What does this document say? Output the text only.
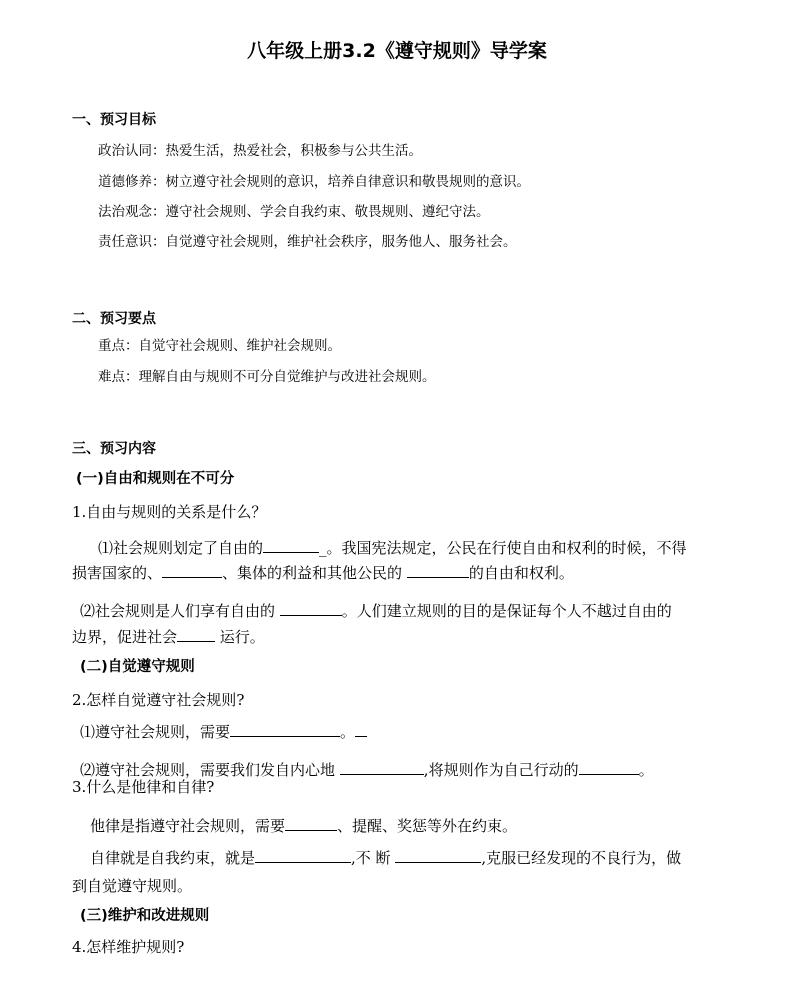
八年级上册3.2《遵守规则》导学案
一、预习目标
政治认同：热爱生活，热爱社会，积极参与公共生活。
道德修养：树立遵守社会规则的意识，培养自律意识和敬畏规则的意识。
法治观念：遵守社会规则、学会自我约束、敬畏规则、遵纪守法。
责任意识：自觉遵守社会规则，维护社会秩序，服务他人、服务社会。
二、预习要点
重点：自觉守社会规则、维护社会规则。
难点：理解自由与规则不可分自觉维护与改进社会规则。
三、预习内容
(一)自由和规则在不可分
1.自由与规则的关系是什么？
⑴社会规则划定了自由的	_。我国宪法规定，公民在行使自由和权利的时候，不得
损害国家的、	、集体的利益和其他公民的	的自由和权利。
⑵社会规则是人们享有自由的	。人们建立规则的目的是保证每个人不越过自由的
边界，促进社会	运行。
(二)自觉遵守规则
2.怎样自觉遵守社会规则?
⑴遵守社会规则，需要	。
⑵遵守社会规则，需要我们发自内心地	,将规则作为自己行动的	。
3.什么是他律和自律?
他律是指遵守社会规则，需要	、提醒、奖惩等外在约束。
自律就是自我约束，就是	,不 断	,克服已经发现的不良行为，做
到自觉遵守规则。
(三)维护和改进规则
4.怎样维护规则?
